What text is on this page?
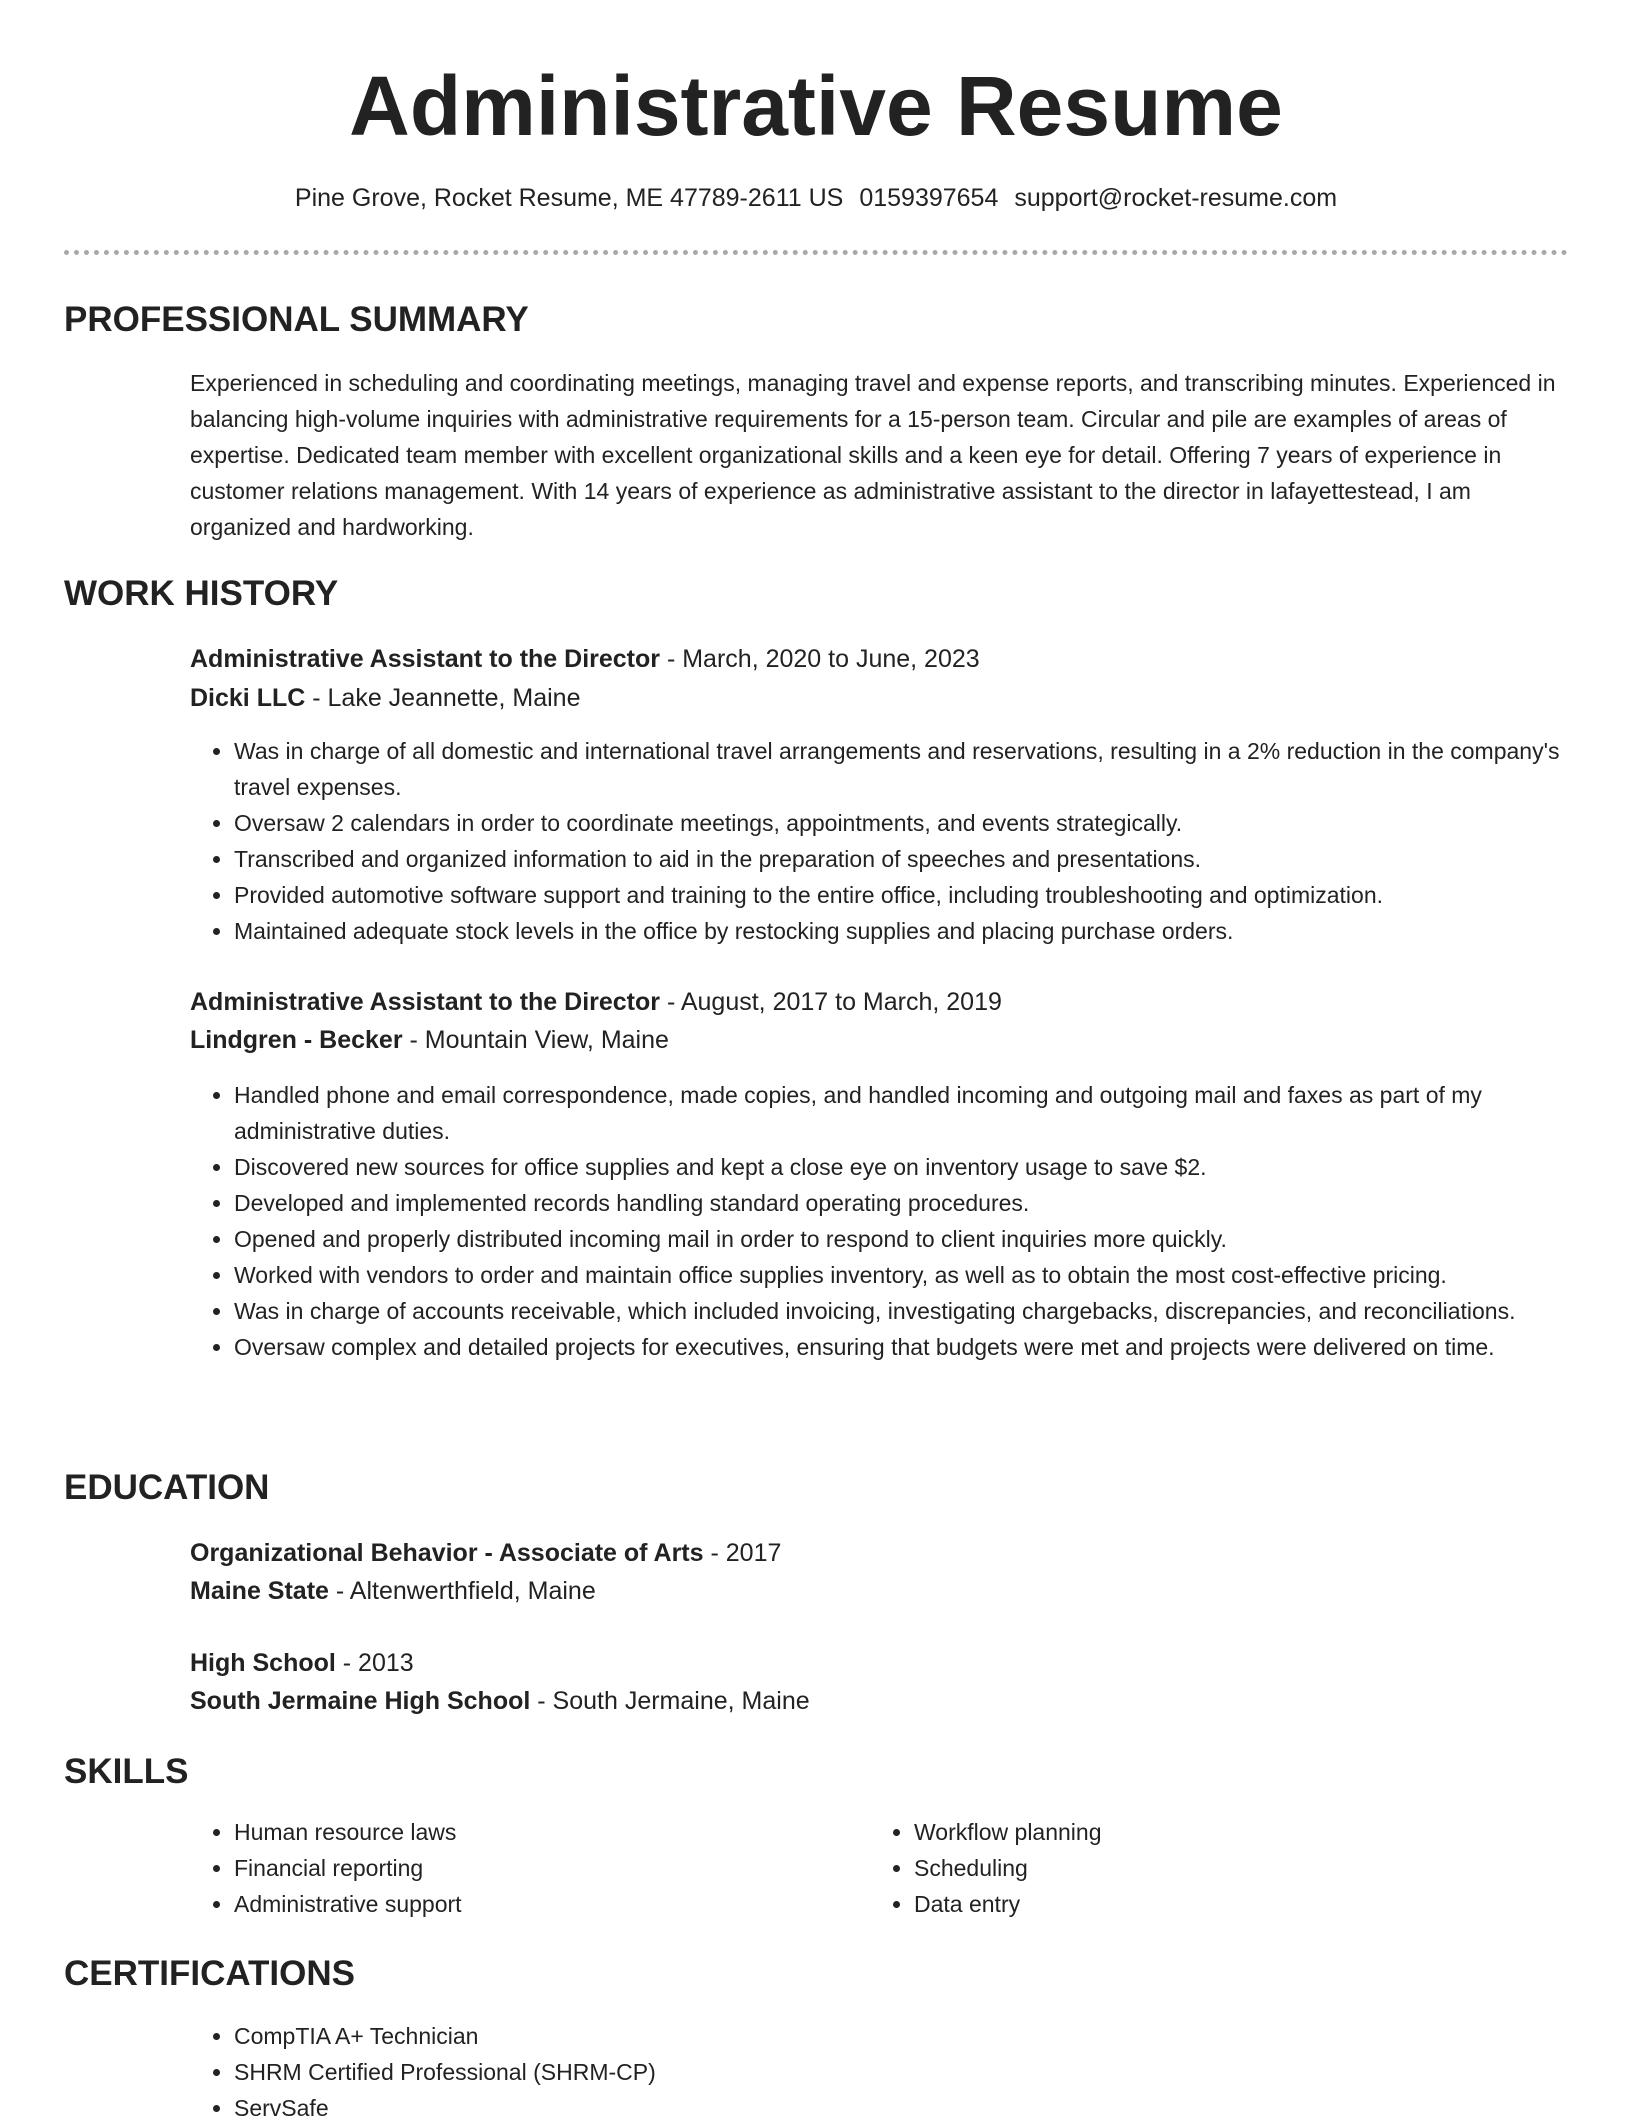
Administrative Resume
Pine Grove, Rocket Resume, ME 47789-2611 US 0159397654 support@rocket-resume.com
PROFESSIONAL SUMMARY

Experienced in scheduling and coordinating meetings, managing travel and expense reports, and transcribing minutes. Experienced in balancing high-volume inquiries with administrative requirements for a 15-person team. Circular and pile are examples of areas of expertise. Dedicated team member with excellent organizational skills and a keen eye for detail. Offering 7 years of experience in customer relations management. With 14 years of experience as administrative assistant to the director in lafayettestead, I am organized and hardworking.

WORK HISTORY
Administrative Assistant to the Director - March, 2020 to June, 2023
Dicki LLC - Lake Jeannette, Maine
• Was in charge of all domestic and international travel arrangements and reservations, resulting in a 2% reduction in the company's travel expenses.
• Oversaw 2 calendars in order to coordinate meetings, appointments, and events strategically.
• Transcribed and organized information to aid in the preparation of speeches and presentations.
• Provided automotive software support and training to the entire office, including troubleshooting and optimization.
• Maintained adequate stock levels in the office by restocking supplies and placing purchase orders.
Administrative Assistant to the Director - August, 2017 to March, 2019
Lindgren - Becker - Mountain View, Maine
• Handled phone and email correspondence, made copies, and handled incoming and outgoing mail and faxes as part of my administrative duties.
• Discovered new sources for office supplies and kept a close eye on inventory usage to save $2.
• Developed and implemented records handling standard operating procedures.
• Opened and properly distributed incoming mail in order to respond to client inquiries more quickly.
• Worked with vendors to order and maintain office supplies inventory, as well as to obtain the most cost-effective pricing.
• Was in charge of accounts receivable, which included invoicing, investigating chargebacks, discrepancies, and reconciliations.
• Oversaw complex and detailed projects for executives, ensuring that budgets were met and projects were delivered on time.
EDUCATION
Organizational Behavior - Associate of Arts - 2017
Maine State - Altenwerthfield, Maine
High School - 2013
South Jermaine High School - South Jermaine, Maine
SKILLS
• Human resource laws
• Financial reporting
• Administrative support
• Workflow planning
• Scheduling
• Data entry
CERTIFICATIONS
• CompTIA A+ Technician
• SHRM Certified Professional (SHRM-CP)
• ServSafe
